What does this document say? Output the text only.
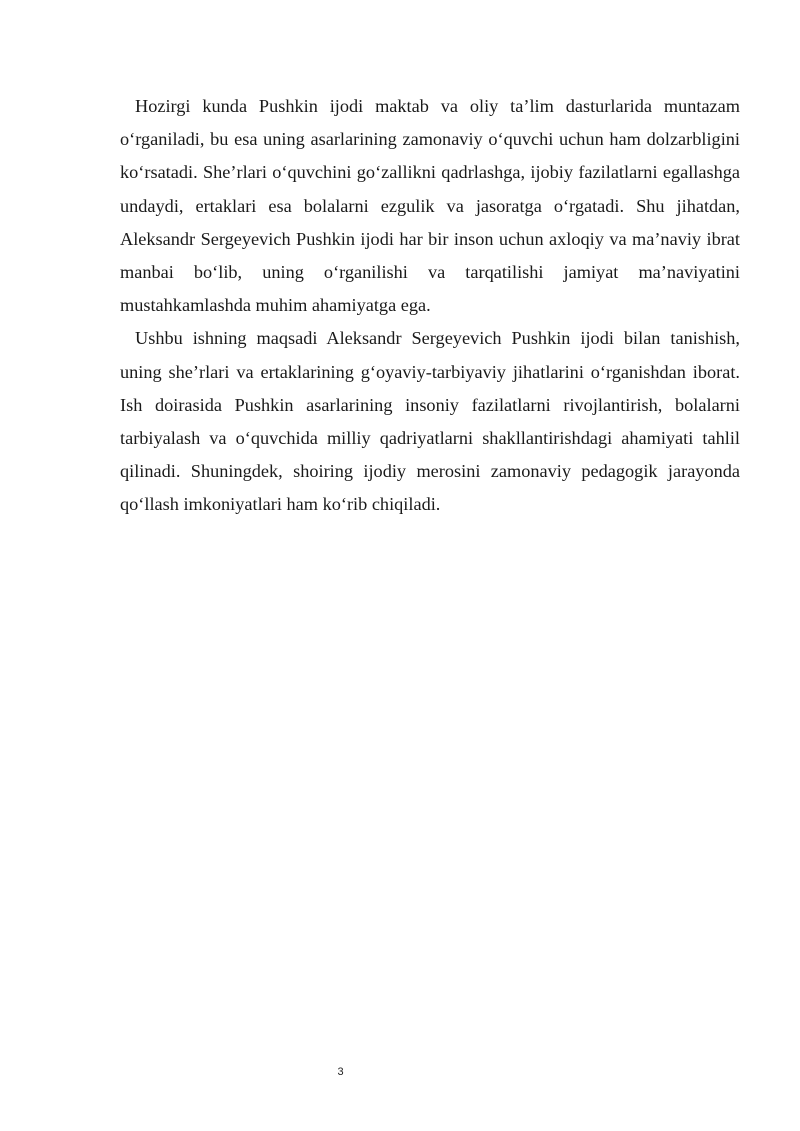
Hozirgi kunda Pushkin ijodi maktab va oliy taʼlim dasturlarida muntazam oʻrganiladi, bu esa uning asarlarining zamonaviy oʻquvchi uchun ham dolzarbligini koʻrsatadi. Sheʼrlari oʻquvchini goʻzallikni qadrlashga, ijobiy fazilatlarni egallashga undaydi, ertaklari esa bolalarni ezgulik va jasoratga oʻrgatadi. Shu jihatdan, Aleksandr Sergeyevich Pushkin ijodi har bir inson uchun axloqiy va maʼnaviy ibrat manbai boʻlib, uning oʻrganilishi va tarqatilishi jamiyat maʼnaviyatini mustahkamlashda muhim ahamiyatga ega.

Ushbu ishning maqsadi Aleksandr Sergeyevich Pushkin ijodi bilan tanishish, uning sheʼrlari va ertaklarining gʻoyaviy-tarbiyaviy jihatlarini oʻrganishdan iborat. Ish doirasida Pushkin asarlarining insoniy fazilatlarni rivojlantirish, bolalarni tarbiyalash va oʻquvchida milliy qadriyatlarni shakllantirishdagi ahamiyati tahlil qilinadi. Shuningdek, shoiring ijodiy merosini zamonaviy pedagogik jarayonda qoʻllash imkoniyatlari ham koʻrib chiqiladi.

3
